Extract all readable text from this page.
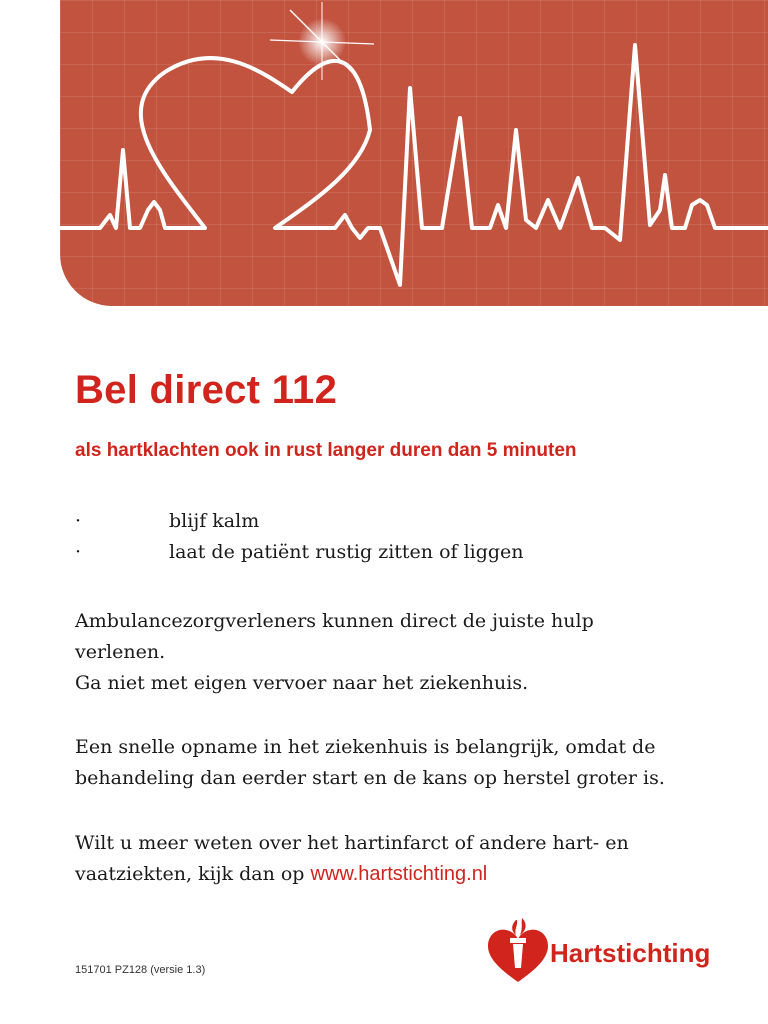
Bel direct 112

als hartklachten ook in rust langer duren dan 5 minuten

·	blijf kalm
·	laat de patiënt rustig zitten of liggen

Ambulancezorgverleners kunnen direct de juiste hulp
verlenen.
Ga niet met eigen vervoer naar het ziekenhuis.

Een snelle opname in het ziekenhuis is belangrijk, omdat de
behandeling dan eerder start en de kans op herstel groter is.

Wilt u meer weten over het hartinfarct of andere hart- en
vaatziekten, kijk dan op www.hartstichting.nl

Hartstichting
151701 PZ128 (versie 1.3)
